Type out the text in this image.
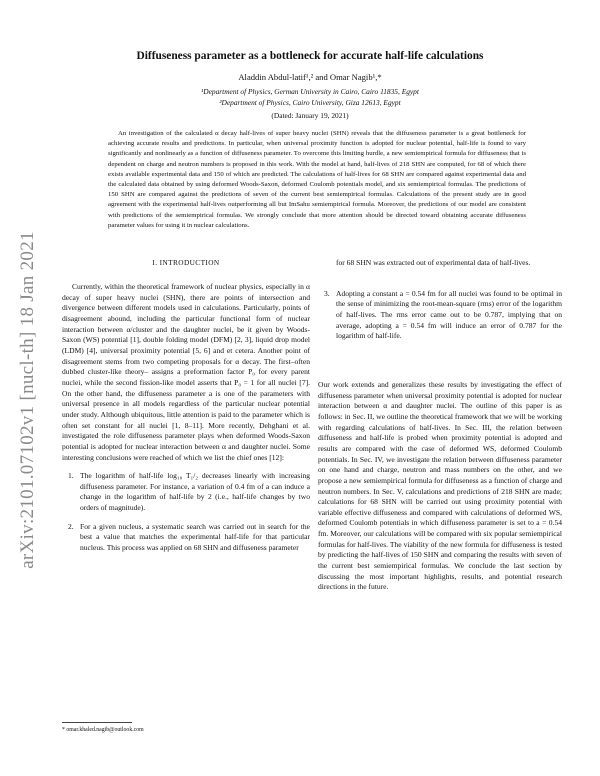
arXiv:2101.07102v1 [nucl-th] 18 Jan 2021
Diffuseness parameter as a bottleneck for accurate half-life calculations
Aladdin Abdul-latif¹,² and Omar Nagib¹,*
¹Department of Physics, German University in Cairo, Cairo 11835, Egypt
²Department of Physics, Cairo University, Giza 12613, Egypt
(Dated: January 19, 2021)

An investigation of the calculated α decay half-lives of super heavy nuclei (SHN) reveals that the diffuseness parameter is a great bottleneck for achieving accurate results and predictions. In particular, when universal proximity function is adopted for nuclear potential, half-life is found to vary significantly and nonlinearly as a function of diffuseness parameter. To overcome this limiting hurdle, a new semiempirical formula for diffuseness that is dependent on charge and neutron numbers is proposed in this work. With the model at hand, half-lives of 218 SHN are computed, for 68 of which there exists available experimental data and 150 of which are predicted. The calculations of half-lives for 68 SHN are compared against experimental data and the calculated data obtained by using deformed Woods-Saxon, deformed Coulomb potentials model, and six semiempirical formulas. The predictions of 150 SHN are compared against the predictions of seven of the current best semiempirical formulas. Calculations of the present study are in good agreement with the experimental half-lives outperforming all but ImSahu semiempirical formula. Moreover, the predictions of our model are consistent with predictions of the semiempirical formulas. We strongly conclude that more attention should be directed toward obtaining accurate diffuseness parameter values for using it in nuclear calculations.

I. INTRODUCTION

Currently, within the theoretical framework of nuclear physics, especially in α decay of super heavy nuclei (SHN), there are points of intersection and divergence between different models used in calculations. Particularly, points of disagreement abound, including the particular functional form of nuclear interaction between α/cluster and the daughter nuclei, be it given by Woods-Saxon (WS) potential [1], double folding model (DFM) [2, 3], liquid drop model (LDM) [4], universal proximity potential [5, 6] and et cetera. Another point of disagreement stems from two competing proposals for α decay. The first–often dubbed cluster-like theory– assigns a preformation factor P₀ for every parent nuclei, while the second fission-like model asserts that P₀ = 1 for all nuclei [7]. On the other hand, the diffuseness parameter a is one of the parameters with universal presence in all models regardless of the particular nuclear potential under study. Although ubiquitous, little attention is paid to the parameter which is often set constant for all nuclei [1, 8–11]. More recently, Dehghani et al. investigated the role diffuseness parameter plays when deformed Woods-Saxon potential is adopted for nuclear interaction between α and daughter nuclei. Some interesting conclusions were reached of which we list the chief ones [12]:

1. The logarithm of half-life log₁₀ T₁/₂ decreases linearly with increasing diffuseness parameter. For instance, a variation of 0.4 fm of a can induce a change in the logarithm of half-life by 2 (i.e., half-life changes by two orders of magnitude).
2. For a given nucleus, a systematic search was carried out in search for the best a value that matches the experimental half-life for that particular nucleus. This process was applied on 68 SHN and diffuseness parameter

for 68 SHN was extracted out of experimental data of half-lives.

3. Adopting a constant a = 0.54 fm for all nuclei was found to be optimal in the sense of minimizing the root-mean-square (rms) error of the logarithm of half-lives. The rms error came out to be 0.787, implying that on average, adopting a = 0.54 fm will induce an error of 0.787 for the logarithm of half-life.

Our work extends and generalizes these results by investigating the effect of diffuseness parameter when universal proximity potential is adopted for nuclear interaction between α and daughter nuclei. The outline of this paper is as follows: in Sec. II, we outline the theoretical framework that we will be working with regarding calculations of half-lives. In Sec. III, the relation between diffuseness and half-life is probed when proximity potential is adopted and results are compared with the case of deformed WS, deformed Coulomb potentials. In Sec. IV, we investigate the relation between diffuseness parameter on one hand and charge, neutron and mass numbers on the other, and we propose a new semiempirical formula for diffuseness as a function of charge and neutron numbers. In Sec. V, calculations and predictions of 218 SHN are made; calculations for 68 SHN will be carried out using proximity potential with variable effective diffuseness and compared with calculations of deformed WS, deformed Coulomb potentials in which diffuseness parameter is set to a = 0.54 fm. Moreover, our calculations will be compared with six popular semiempirical formulas for half-lives. The viability of the new formula for diffuseness is tested by predicting the half-lives of 150 SHN and comparing the results with seven of the current best semiempirical formulas. We conclude the last section by discussing the most important highlights, results, and potential research directions in the future.

* omar.khaled.nagib@outlook.com
